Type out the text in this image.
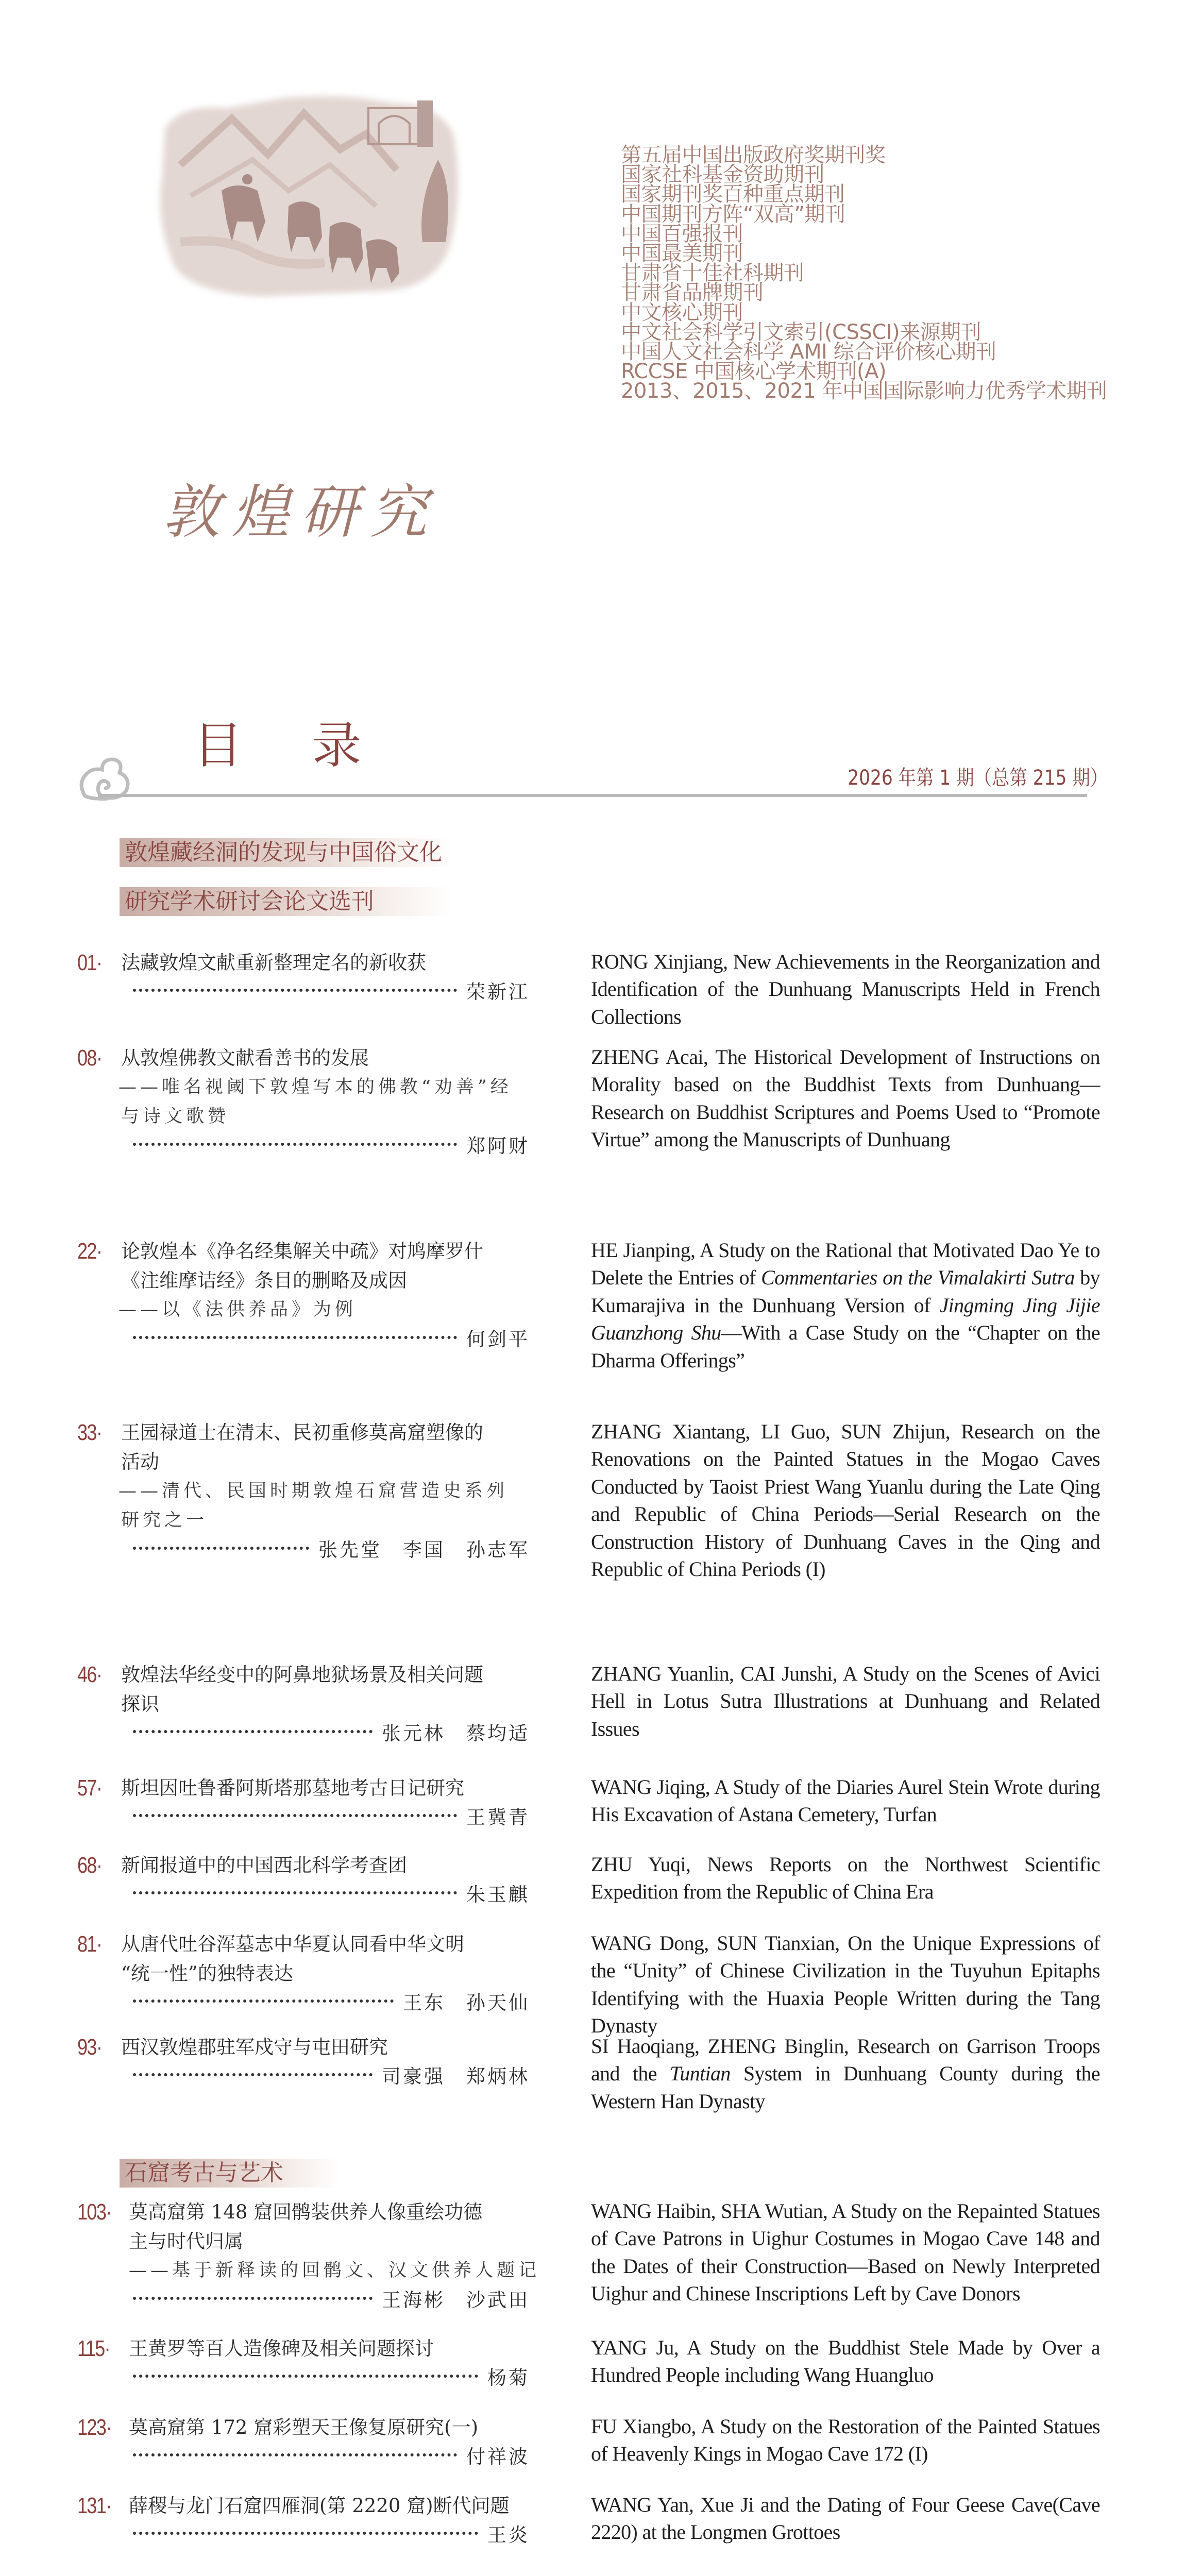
敦煌研究
第五届中国出版政府奖期刊奖
国家社科基金资助期刊
国家期刊奖百种重点期刊
中国期刊方阵“双高”期刊
中国百强报刊
中国最美期刊
甘肃省十佳社科期刊
甘肃省品牌期刊
中文核心期刊
中文社会科学引文索引(CSSCI)来源期刊
中国人文社会科学 AMI 综合评价核心期刊
RCCSE 中国核心学术期刊(A)
2013、2015、2021 年中国国际影响力优秀学术期刊
目 录
2026 年第 1 期（总第 215 期）
敦煌藏经洞的发现与中国俗文化
研究学术研讨会论文选刊
01· 法藏敦煌文献重新整理定名的新收获
荣新江
RONG Xinjiang, New Achievements in the Reorganization and Identification of the Dunhuang Manuscripts Held in French Collections
08· 从敦煌佛教文献看善书的发展
——唯名视阈下敦煌写本的佛教“劝善”经
与诗文歌赞
郑阿财
ZHENG Acai, The Historical Development of Instructions on Morality based on the Buddhist Texts from Dunhuang—Research on Buddhist Scriptures and Poems Used to “Promote Virtue” among the Manuscripts of Dunhuang
22· 论敦煌本《净名经集解关中疏》对鸠摩罗什
《注维摩诘经》条目的删略及成因
——以《法供养品》为例
何剑平
HE Jianping, A Study on the Rational that Motivated Dao Ye to Delete the Entries of Commentaries on the Vimalakirti Sutra by Kumarajiva in the Dunhuang Version of Jingming Jing Jijie Guanzhong Shu—With a Case Study on the “Chapter on the Dharma Offerings”
33· 王园禄道士在清末、民初重修莫高窟塑像的
活动
——清代、民国时期敦煌石窟营造史系列
研究之一
张先堂　李国　孙志军
ZHANG Xiantang, LI Guo, SUN Zhijun, Research on the Renovations on the Painted Statues in the Mogao Caves Conducted by Taoist Priest Wang Yuanlu during the Late Qing and Republic of China Periods—Serial Research on the Construction History of Dunhuang Caves in the Qing and Republic of China Periods (I)
46· 敦煌法华经变中的阿鼻地狱场景及相关问题
探识
张元林　蔡均适
ZHANG Yuanlin, CAI Junshi, A Study on the Scenes of Avici Hell in Lotus Sutra Illustrations at Dunhuang and Related Issues
57· 斯坦因吐鲁番阿斯塔那墓地考古日记研究
王冀青
WANG Jiqing, A Study of the Diaries Aurel Stein Wrote during His Excavation of Astana Cemetery, Turfan
68· 新闻报道中的中国西北科学考查团
朱玉麒
ZHU Yuqi, News Reports on the Northwest Scientific Expedition from the Republic of China Era
81· 从唐代吐谷浑墓志中华夏认同看中华文明
“统一性”的独特表达
王东　孙天仙
WANG Dong, SUN Tianxian, On the Unique Expressions of the “Unity” of Chinese Civilization in the Tuyuhun Epitaphs Identifying with the Huaxia People Written during the Tang Dynasty
93· 西汉敦煌郡驻军戍守与屯田研究
司豪强　郑炳林
SI Haoqiang, ZHENG Binglin, Research on Garrison Troops and the Tuntian System in Dunhuang County during the Western Han Dynasty
石窟考古与艺术
103· 莫高窟第 148 窟回鹘装供养人像重绘功德
主与时代归属
——基于新释读的回鹘文、汉文供养人题记
王海彬　沙武田
WANG Haibin, SHA Wutian, A Study on the Repainted Statues of Cave Patrons in Uighur Costumes in Mogao Cave 148 and the Dates of their Construction—Based on Newly Interpreted Uighur and Chinese Inscriptions Left by Cave Donors
115· 王黄罗等百人造像碑及相关问题探讨
杨菊
YANG Ju, A Study on the Buddhist Stele Made by Over a Hundred People including Wang Huangluo
123· 莫高窟第 172 窟彩塑天王像复原研究(一)
付祥波
FU Xiangbo, A Study on the Restoration of the Painted Statues of Heavenly Kings in Mogao Cave 172 (I)
131· 薛稷与龙门石窟四雁洞(第 2220 窟)断代问题
王炎
WANG Yan, Xue Ji and the Dating of Four Geese Cave(Cave 2220) at the Longmen Grottoes
